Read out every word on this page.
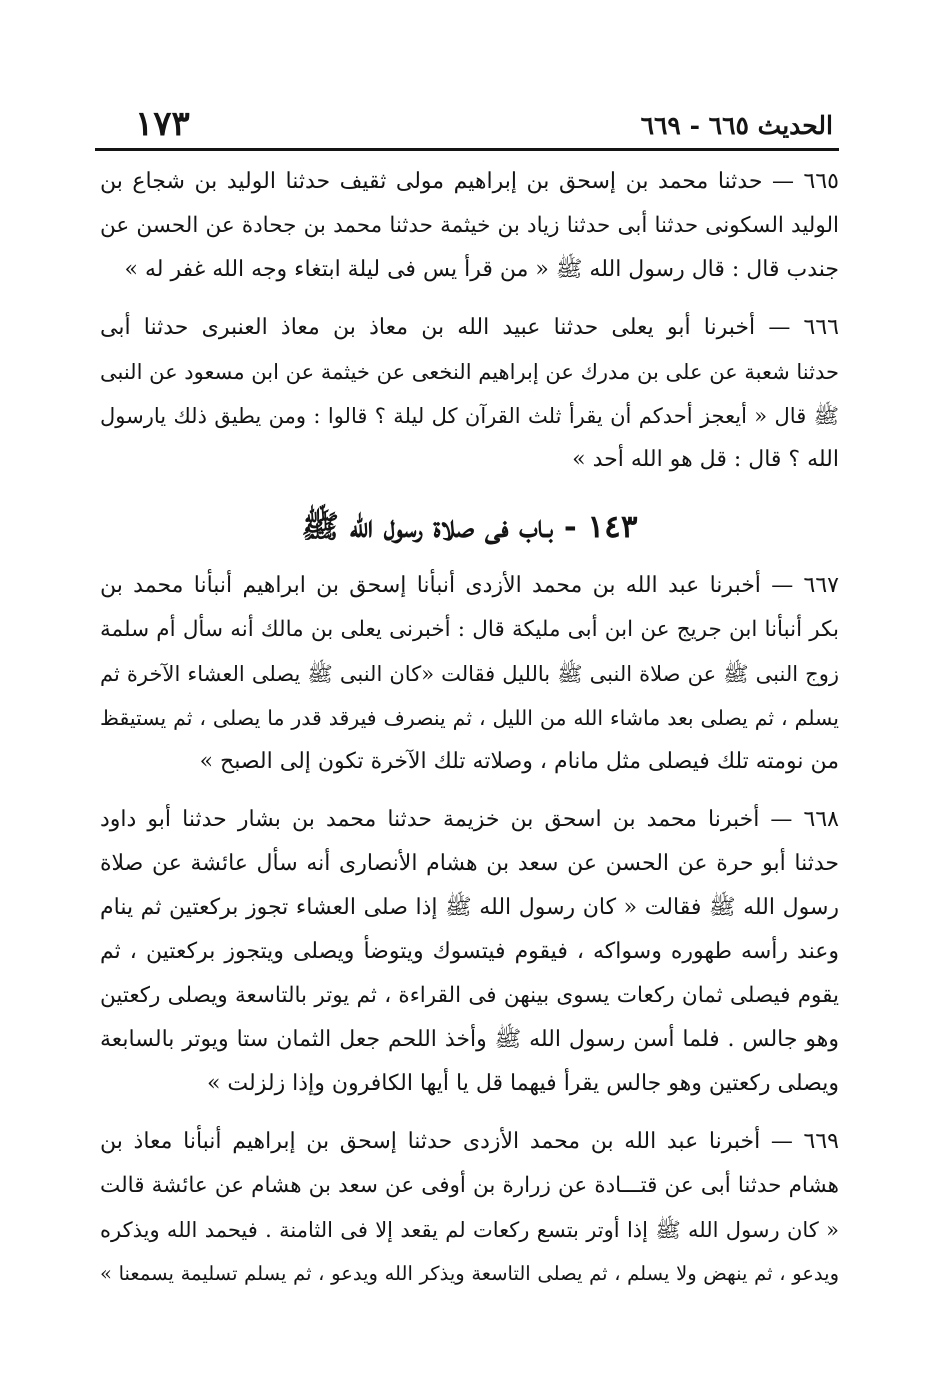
الحديث ٦٦٥ - ٦٦٩
١٧٣
٦٦٥ — حدثنا محمد بن إسحق بن إبراهيم مولى ثقيف حدثنا الوليد بن شجاع بن
الوليد السكونى حدثنا أبى حدثنا زياد بن خيثمة حدثنا محمد بن جحادة عن الحسن عن
جندب قال : قال رسول الله ﷺ « من قرأ يس فى ليلة ابتغاء وجه الله غفر له »
٦٦٦ — أخبرنا أبو يعلى حدثنا عبيد الله بن معاذ بن معاذ العنبرى حدثنا أبى
حدثنا شعبة عن على بن مدرك عن إبراهيم النخعى عن خيثمة عن ابن مسعود عن النبى
ﷺ قال « أيعجز أحدكم أن يقرأ ثلث القرآن كل ليلة ؟ قالوا : ومن يطيق ذلك يارسول
الله ؟ قال : قل هو الله أحد »
١٤٣ - بـاب فى صلاة رسول الله ﷺ
٦٦٧ — أخبرنا عبد الله بن محمد الأزدى أنبأنا إسحق بن ابراهيم أنبأنا محمد بن
بكر أنبأنا ابن جريج عن ابن أبى مليكة قال : أخبرنى يعلى بن مالك أنه سأل أم سلمة
زوج النبى ﷺ عن صلاة النبى ﷺ بالليل فقالت «كان النبى ﷺ يصلى العشاء الآخرة ثم
يسلم ، ثم يصلى بعد ماشاء الله من الليل ، ثم ينصرف فيرقد قدر ما يصلى ، ثم يستيقظ
من نومته تلك فيصلى مثل مانام ، وصلاته تلك الآخرة تكون إلى الصبح »
٦٦٨ — أخبرنا محمد بن اسحق بن خزيمة حدثنا محمد بن بشار حدثنا أبو داود
حدثنا أبو حرة عن الحسن عن سعد بن هشام الأنصارى أنه سأل عائشة عن صلاة
رسول الله ﷺ فقالت « كان رسول الله ﷺ إذا صلى العشاء تجوز بركعتين ثم ينام
وعند رأسه طهوره وسواكه ، فيقوم فيتسوك ويتوضأ ويصلى ويتجوز بركعتين ، ثم
يقوم فيصلى ثمان ركعات يسوى بينهن فى القراءة ، ثم يوتر بالتاسعة ويصلى ركعتين
وهو جالس . فلما أسن رسول الله ﷺ وأخذ اللحم جعل الثمان ستا ويوتر بالسابعة
ويصلى ركعتين وهو جالس يقرأ فيهما قل يا أيها الكافرون وإذا زلزلت »
٦٦٩ — أخبرنا عبد الله بن محمد الأزدى حدثنا إسحق بن إبراهيم أنبأنا معاذ بن
هشام حدثنا أبى عن قتـــادة عن زرارة بن أوفى عن سعد بن هشام عن عائشة قالت
« كان رسول الله ﷺ إذا أوتر بتسع ركعات لم يقعد إلا فى الثامنة . فيحمد الله ويذكره
ويدعو ، ثم ينهض ولا يسلم ، ثم يصلى التاسعة ويذكر الله ويدعو ، ثم يسلم تسليمة يسمعنا »
